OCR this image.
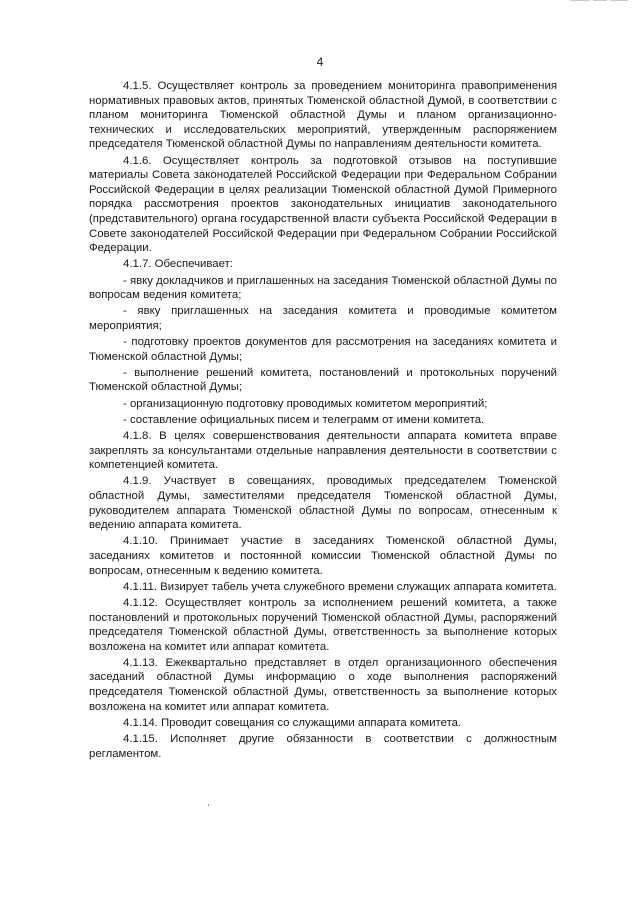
4

4.1.5. Осуществляет контроль за проведением мониторинга правоприменения нормативных правовых актов, принятых Тюменской областной Думой, в соответствии с планом мониторинга Тюменской областной Думы и планом организационно-технических и исследовательских мероприятий, утвержденным распоряжением председателя Тюменской областной Думы по направлениям деятельности комитета.

4.1.6. Осуществляет контроль за подготовкой отзывов на поступившие материалы Совета законодателей Российской Федерации при Федеральном Собрании Российской Федерации в целях реализации Тюменской областной Думой Примерного порядка рассмотрения проектов законодательных инициатив законодательного (представительного) органа государственной власти субъекта Российской Федерации в Совете законодателей Российской Федерации при Федеральном Собрании Российской Федерации.

4.1.7. Обеспечивает:

- явку докладчиков и приглашенных на заседания Тюменской областной Думы по вопросам ведения комитета;

- явку приглашенных на заседания комитета и проводимые комитетом мероприятия;

- подготовку проектов документов для рассмотрения на заседаниях комитета и Тюменской областной Думы;

- выполнение решений комитета, постановлений и протокольных поручений Тюменской областной Думы;

- организационную подготовку проводимых комитетом мероприятий;

- составление официальных писем и телеграмм от имени комитета.

4.1.8. В целях совершенствования деятельности аппарата комитета вправе закреплять за консультантами отдельные направления деятельности в соответствии с компетенцией комитета.

4.1.9. Участвует в совещаниях, проводимых председателем Тюменской областной Думы, заместителями председателя Тюменской областной Думы, руководителем аппарата Тюменской областной Думы по вопросам, отнесенным к ведению аппарата комитета.

4.1.10. Принимает участие в заседаниях Тюменской областной Думы, заседаниях комитетов и постоянной комиссии Тюменской областной Думы по вопросам, отнесенным к ведению комитета.

4.1.11. Визирует табель учета служебного времени служащих аппарата комитета.

4.1.12. Осуществляет контроль за исполнением решений комитета, а также постановлений и протокольных поручений Тюменской областной Думы, распоряжений председателя Тюменской областной Думы, ответственность за выполнение которых возложена на комитет или аппарат комитета.

4.1.13. Ежеквартально представляет в отдел организационного обеспечения заседаний областной Думы информацию о ходе выполнения распоряжений председателя Тюменской областной Думы, ответственность за выполнение которых возложена на комитет или аппарат комитета.

4.1.14. Проводит совещания со служащими аппарата комитета.

4.1.15. Исполняет другие обязанности в соответствии с должностным регламентом.
